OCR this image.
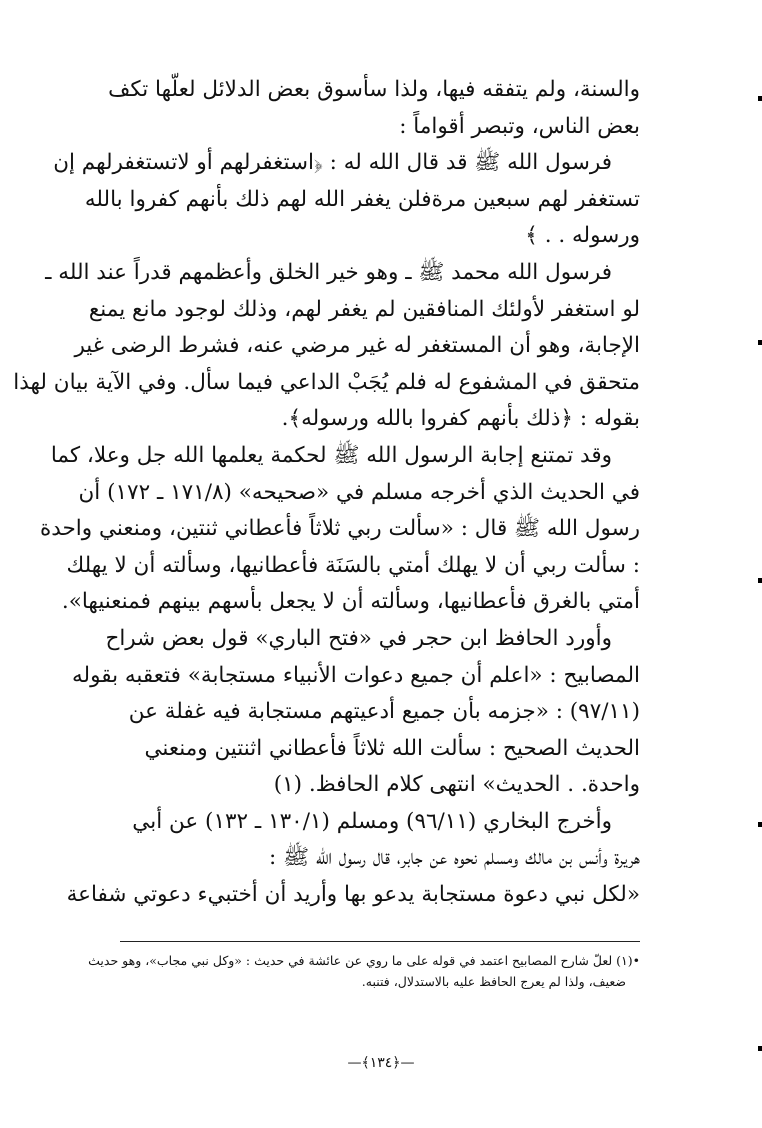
والسنة، ولم يتفقه فيها، ولذا سأسوق بعض الدلائل لعلّها تكف
بعض الناس، وتبصر أقواماً :
فرسول الله ﷺ قد قال الله له : ﴿استغفرلهم أو لاتستغفرلهم إن
تستغفر لهم سبعين مرةفلن يغفر الله لهم ذلك بأنهم كفروا بالله
ورسوله . . ﴾
فرسول الله محمد ﷺ ـ وهو خير الخلق وأعظمهم قدراً عند الله ـ
لو استغفر لأولئك المنافقين لم يغفر لهم، وذلك لوجود مانع يمنع
الإجابة، وهو أن المستغفر له غير مرضي عنه، فشرط الرضى غير
متحقق في المشفوع له فلم يُجَبْ الداعي فيما سأل. وفي الآية بيان لهذا
بقوله : ﴿ذلك بأنهم كفروا بالله ورسوله﴾.
وقد تمتنع إجابة الرسول الله ﷺ لحكمة يعلمها الله جل وعلا، كما
في الحديث الذي أخرجه مسلم في «صحيحه» (١٧١/٨ ـ ١٧٢) أن
رسول الله ﷺ قال : «سألت ربي ثلاثاً فأعطاني ثنتين، ومنعني واحدة
: سألت ربي أن لا يهلك أمتي بالسَنَة فأعطانيها، وسألته أن لا يهلك
أمتي بالغرق فأعطانيها، وسألته أن لا يجعل بأسهم بينهم فمنعنيها».
وأورد الحافظ ابن حجر في «فتح الباري» قول بعض شراح
المصابيح : «اعلم أن جميع دعوات الأنبياء مستجابة» فتعقبه بقوله
(٩٧/١١) : «جزمه بأن جميع أدعيتهم مستجابة فيه غفلة عن
الحديث الصحيح : سألت الله ثلاثاً فأعطاني اثنتين ومنعني
واحدة. . الحديث» انتهى كلام الحافظ. (١)
وأخرج البخاري (٩٦/١١) ومسلم (١٣٠/١ ـ ١٣٢) عن أبي
هريرة وأنس بن مالك ومسلم نحوه عن جابر، قال رسول الله ﷺ :
«لكل نبي دعوة مستجابة يدعو بها وأريد أن أختبيء دعوتي شفاعة
•(١) لعلّ شارح المصابيح اعتمد في قوله على ما روي عن عائشة في حديث : «وكل نبي مجاب»، وهو حديث
ضعيف، ولذا لم يعرج الحافظ عليه بالاستدلال، فتنبه.
—﴿١٣٤﴾—
